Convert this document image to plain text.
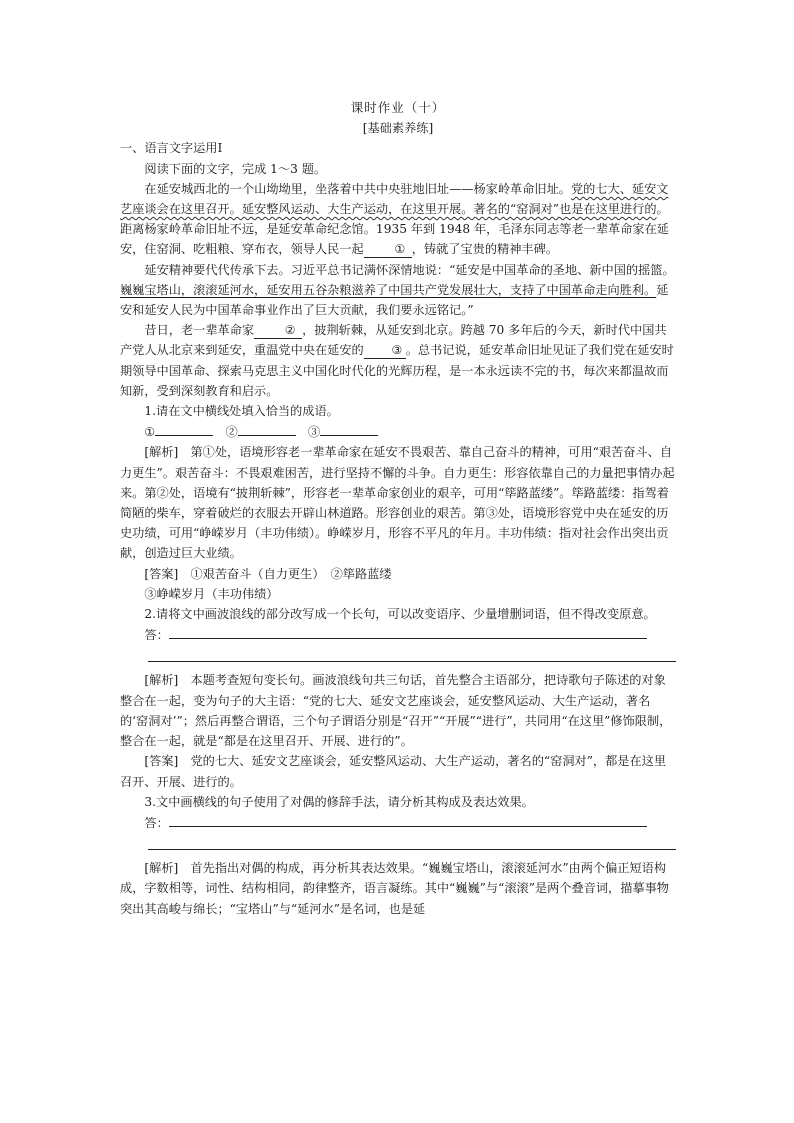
课时作业（十）

[基础素养练]

一、语言文字运用Ⅰ

阅读下面的文字，完成 1～3 题。

在延安城西北的一个山坳坳里，坐落着中共中央驻地旧址——杨家岭革命旧址。党的七大、延安文艺座谈会在这里召开。延安整风运动、大生产运动，在这里开展。著名的“窑洞对”也是在这里进行的。距离杨家岭革命旧址不远，是延安革命纪念馆。1935 年到 1948 年，毛泽东同志等老一辈革命家在延安，住窑洞、吃粗粮、穿布衣，领导人民一起	① ，铸就了宝贵的精神丰碑。

延安精神要代代传承下去。习近平总书记满怀深情地说：“延安是中国革命的圣地、新中国的摇篮。巍巍宝塔山，滚滚延河水，延安用五谷杂粮滋养了中国共产党发展壮大，支持了中国革命走向胜利。延安和延安人民为中国革命事业作出了巨大贡献，我们要永远铭记。”

昔日，老一辈革命家	② ，披荆斩棘，从延安到北京。跨越 70 多年后的今天，新时代中国共产党人从北京来到延安，重温党中央在延安的 ③ 。总书记说，延安革命旧址见证了我们党在延安时期领导中国革命、探索马克思主义中国化时代化的光辉历程，是一本永远读不完的书，每次来都温故而知新，受到深刻教育和启示。

1.请在文中横线处填入恰当的成语。

①　	②　	③

[解析]　 第①处，语境形容老一辈革命家在延安不畏艰苦、靠自己奋斗的精神，可用“艰苦奋斗、自力更生”。艰苦奋斗：不畏艰难困苦，进行坚持不懈的斗争。自力更生：形容依靠自己的力量把事情办起来。第②处，语境有“披荆斩棘”，形容老一辈革命家创业的艰辛，可用“筚路蓝缕”。筚路蓝缕：指驾着简陋的柴车，穿着破烂的衣服去开辟山林道路。形容创业的艰苦。第③处，语境形容党中央在延安的历史功绩，可用“峥嵘岁月（丰功伟绩）。峥嵘岁月，形容不平凡的年月。丰功伟绩：指对社会作出突出贡献，创造过巨大业绩。

[答案]　 ①艰苦奋斗（自力更生）　②筚路蓝缕

③峥嵘岁月（丰功伟绩）

2.请将文中画波浪线的部分改写成一个长句，可以改变语序、少量增删词语，但不得改变原意。

答：

[解析]　 本题考查短句变长句。画波浪线句共三句话，首先整合主语部分，把诗歌句子陈述的对象整合在一起，变为句子的大主语：“党的七大、延安文艺座谈会，延安整风运动、大生产运动，著名的‘窑洞对’”；然后再整合谓语，三个句子谓语分别是“召开”“开展”“进行”，共同用“在这里”修饰限制，整合在一起，就是“都是在这里召开、开展、进行的”。

[答案]　 党的七大、延安文艺座谈会，延安整风运动、大生产运动，著名的“窑洞对”，都是在这里召开、开展、进行的。

3.文中画横线的句子使用了对偶的修辞手法，请分析其构成及表达效果。

答：

[解析]　 首先指出对偶的构成，再分析其表达效果。“巍巍宝塔山，滚滚延河水”由两个偏正短语构成，字数相等，词性、结构相同，韵律整齐，语言凝练。其中“巍巍”与“滚滚”是两个叠音词，描摹事物突出其高峻与绵长；“宝塔山”与“延河水”是名词，也是延
